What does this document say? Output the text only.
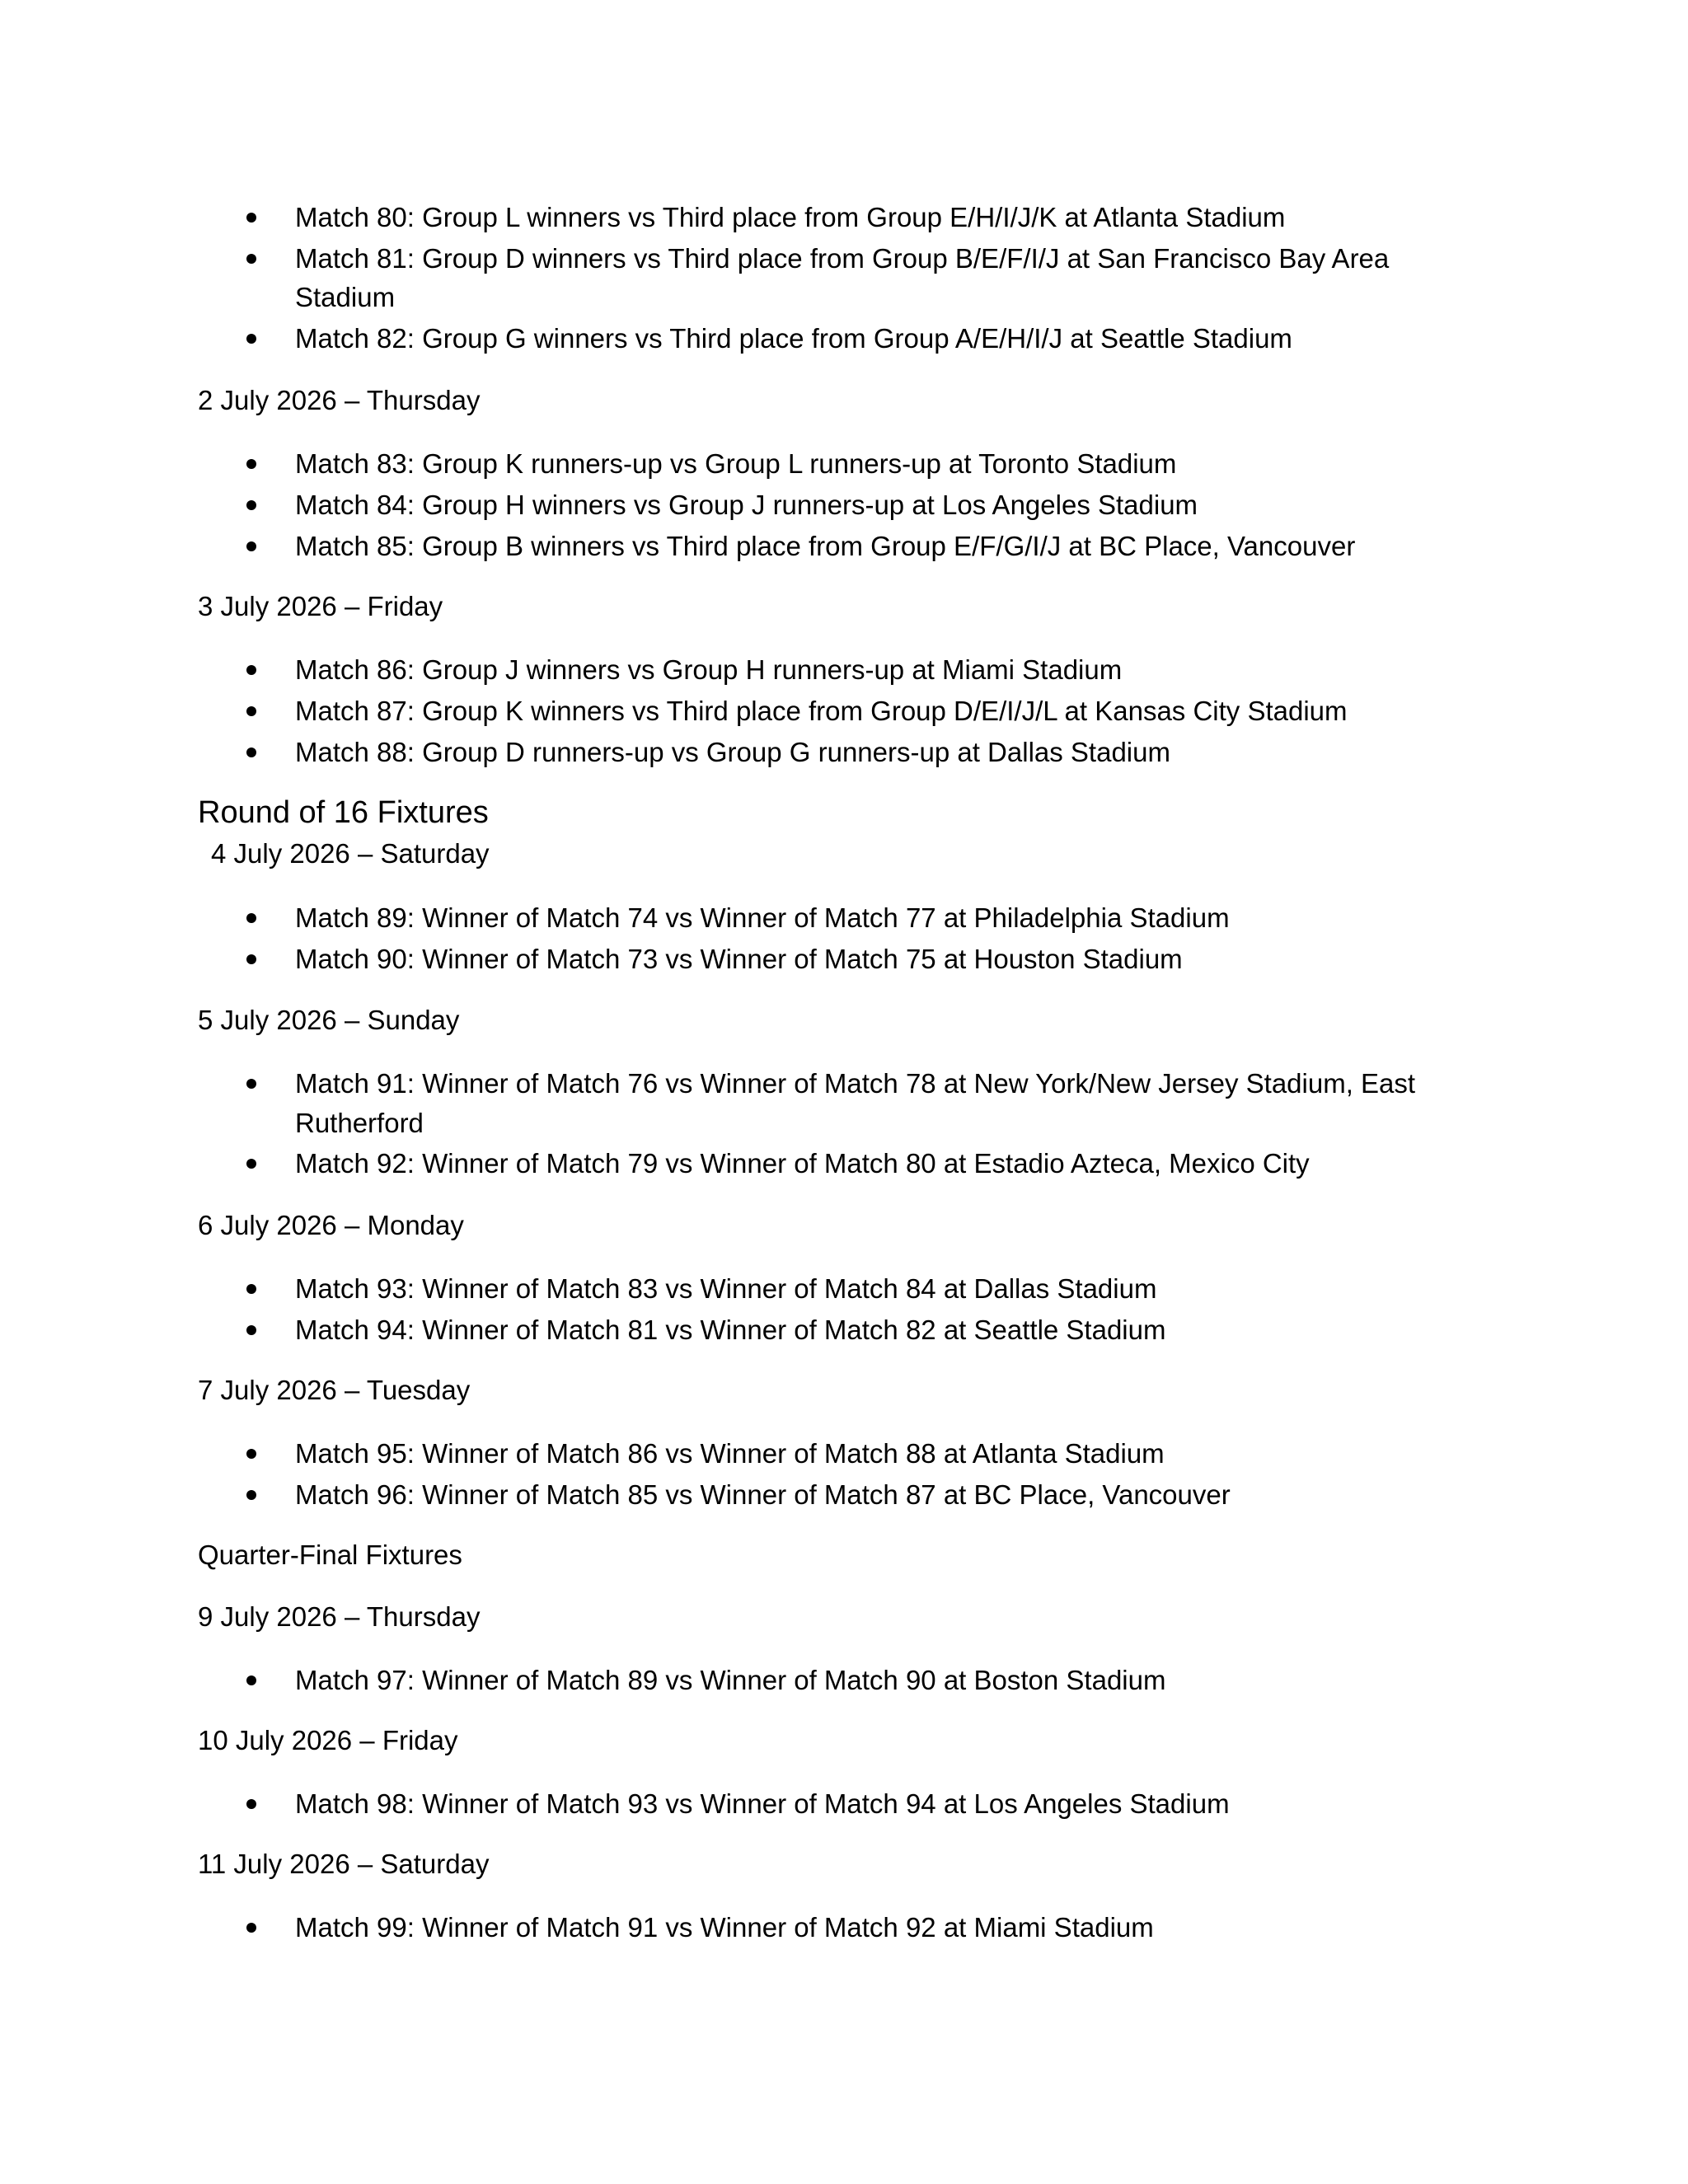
Match 80: Group L winners vs Third place from Group E/H/I/J/K at Atlanta Stadium
Match 81: Group D winners vs Third place from Group B/E/F/I/J at San Francisco Bay Area
Stadium
Match 82: Group G winners vs Third place from Group A/E/H/I/J at Seattle Stadium
2 July 2026 – Thursday
Match 83: Group K runners-up vs Group L runners-up at Toronto Stadium
Match 84: Group H winners vs Group J runners-up at Los Angeles Stadium
Match 85: Group B winners vs Third place from Group E/F/G/I/J at BC Place, Vancouver
3 July 2026 – Friday
Match 86: Group J winners vs Group H runners-up at Miami Stadium
Match 87: Group K winners vs Third place from Group D/E/I/J/L at Kansas City Stadium
Match 88: Group D runners-up vs Group G runners-up at Dallas Stadium
Round of 16 Fixtures
4 July 2026 – Saturday
Match 89: Winner of Match 74 vs Winner of Match 77 at Philadelphia Stadium
Match 90: Winner of Match 73 vs Winner of Match 75 at Houston Stadium
5 July 2026 – Sunday
Match 91: Winner of Match 76 vs Winner of Match 78 at New York/New Jersey Stadium, East
Rutherford
Match 92: Winner of Match 79 vs Winner of Match 80 at Estadio Azteca, Mexico City
6 July 2026 – Monday
Match 93: Winner of Match 83 vs Winner of Match 84 at Dallas Stadium
Match 94: Winner of Match 81 vs Winner of Match 82 at Seattle Stadium
7 July 2026 – Tuesday
Match 95: Winner of Match 86 vs Winner of Match 88 at Atlanta Stadium
Match 96: Winner of Match 85 vs Winner of Match 87 at BC Place, Vancouver
Quarter-Final Fixtures
9 July 2026 – Thursday
Match 97: Winner of Match 89 vs Winner of Match 90 at Boston Stadium
10 July 2026 – Friday
Match 98: Winner of Match 93 vs Winner of Match 94 at Los Angeles Stadium
11 July 2026 – Saturday
Match 99: Winner of Match 91 vs Winner of Match 92 at Miami Stadium
